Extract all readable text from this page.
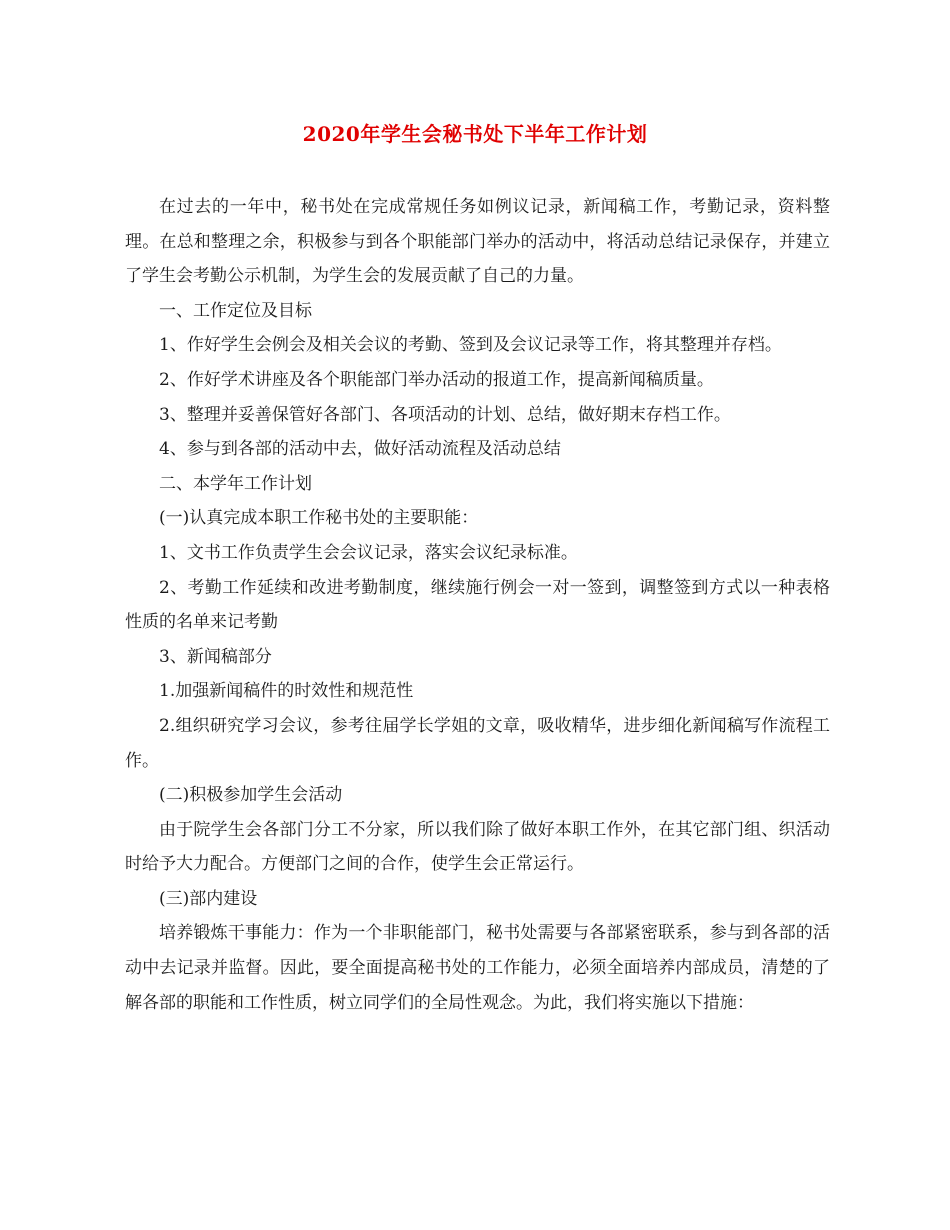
2020年学生会秘书处下半年工作计划

在过去的一年中，秘书处在完成常规任务如例议记录，新闻稿工作，考勤记录，资料整理。在总和整理之余，积极参与到各个职能部门举办的活动中，将活动总结记录保存，并建立了学生会考勤公示机制，为学生会的发展贡献了自己的力量。

一、工作定位及目标

1、作好学生会例会及相关会议的考勤、签到及会议记录等工作，将其整理并存档。

2、作好学术讲座及各个职能部门举办活动的报道工作，提高新闻稿质量。

3、整理并妥善保管好各部门、各项活动的计划、总结，做好期末存档工作。

4、参与到各部的活动中去，做好活动流程及活动总结

二、本学年工作计划

(一)认真完成本职工作秘书处的主要职能：

1、文书工作负责学生会会议记录，落实会议纪录标准。

2、考勤工作延续和改进考勤制度，继续施行例会一对一签到，调整签到方式以一种表格性质的名单来记考勤

3、新闻稿部分

1.加强新闻稿件的时效性和规范性

2.组织研究学习会议，参考往届学长学姐的文章，吸收精华，进步细化新闻稿写作流程工作。

(二)积极参加学生会活动

由于院学生会各部门分工不分家，所以我们除了做好本职工作外，在其它部门组、织活动时给予大力配合。方便部门之间的合作，使学生会正常运行。

(三)部内建设

培养锻炼干事能力：作为一个非职能部门，秘书处需要与各部紧密联系，参与到各部的活动中去记录并监督。因此，要全面提高秘书处的工作能力，必须全面培养内部成员，清楚的了解各部的职能和工作性质，树立同学们的全局性观念。为此，我们将实施以下措施：
